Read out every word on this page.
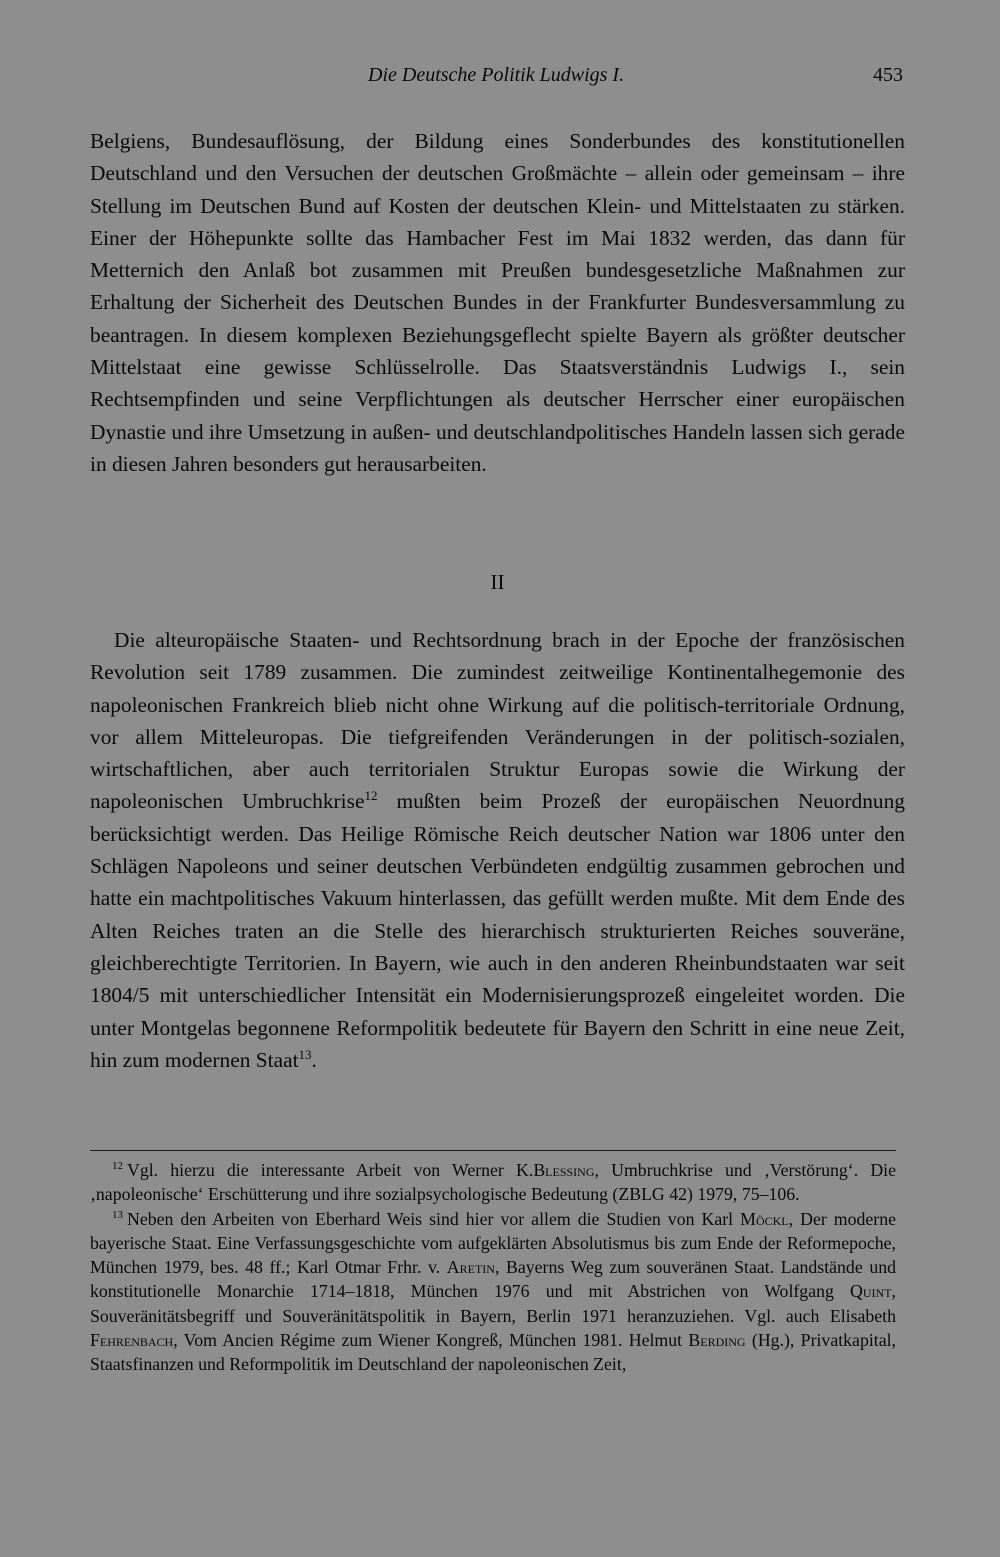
Die Deutsche Politik Ludwigs I.	453

Belgiens, Bundesauflösung, der Bildung eines Sonderbundes des konstitutionellen Deutschland und den Versuchen der deutschen Großmächte – allein oder gemeinsam – ihre Stellung im Deutschen Bund auf Kosten der deutschen Klein- und Mittelstaaten zu stärken. Einer der Höhepunkte sollte das Hambacher Fest im Mai 1832 werden, das dann für Metternich den Anlaß bot zusammen mit Preußen bundesgesetzliche Maßnahmen zur Erhaltung der Sicherheit des Deutschen Bundes in der Frankfurter Bundesversammlung zu beantragen. In diesem komplexen Beziehungsgeflecht spielte Bayern als größter deutscher Mittelstaat eine gewisse Schlüsselrolle. Das Staatsverständnis Ludwigs I., sein Rechtsempfinden und seine Verpflichtungen als deutscher Herrscher einer europäischen Dynastie und ihre Umsetzung in außen- und deutschlandpolitisches Handeln lassen sich gerade in diesen Jahren besonders gut herausarbeiten.

II

Die alteuropäische Staaten- und Rechtsordnung brach in der Epoche der französischen Revolution seit 1789 zusammen. Die zumindest zeitweilige Kontinentalhegemonie des napoleonischen Frankreich blieb nicht ohne Wirkung auf die politisch-territoriale Ordnung, vor allem Mitteleuropas. Die tiefgreifenden Veränderungen in der politisch-sozialen, wirtschaftlichen, aber auch territorialen Struktur Europas sowie die Wirkung der napoleonischen Umbruchkrise$^{12}$ mußten beim Prozeß der europäischen Neuordnung berücksichtigt werden. Das Heilige Römische Reich deutscher Nation war 1806 unter den Schlägen Napoleons und seiner deutschen Verbündeten endgültig zusammen gebrochen und hatte ein machtpolitisches Vakuum hinterlassen, das gefüllt werden mußte. Mit dem Ende des Alten Reiches traten an die Stelle des hierarchisch strukturierten Reiches souveräne, gleichberechtigte Territorien. In Bayern, wie auch in den anderen Rheinbundstaaten war seit 1804/5 mit unterschiedlicher Intensität ein Modernisierungsprozeß eingeleitet worden. Die unter Montgelas begonnene Reformpolitik bedeutete für Bayern den Schritt in eine neue Zeit, hin zum modernen Staat$^{13}$.

$^{12}$ Vgl. hierzu die interessante Arbeit von Werner K.Blessing, Umbruchkrise und ‚Verstörung‘. Die ‚napoleonische‘ Erschütterung und ihre sozialpsychologische Bedeutung (ZBLG 42) 1979, 75–106.

$^{13}$ Neben den Arbeiten von Eberhard Weis sind hier vor allem die Studien von Karl Möckl, Der moderne bayerische Staat. Eine Verfassungsgeschichte vom aufgeklärten Absolutismus bis zum Ende der Reformepoche, München 1979, bes. 48 ff.; Karl Otmar Frhr. v. Aretin, Bayerns Weg zum souveränen Staat. Landstände und konstitutionelle Monarchie 1714–1818, München 1976 und mit Abstrichen von Wolfgang Quint, Souveränitätsbegriff und Souveränitätspolitik in Bayern, Berlin 1971 heranzuziehen. Vgl. auch Elisabeth Fehrenbach, Vom Ancien Régime zum Wiener Kongreß, München 1981. Helmut Berding (Hg.), Privatkapital, Staatsfinanzen und Reformpolitik im Deutschland der napoleonischen Zeit,
